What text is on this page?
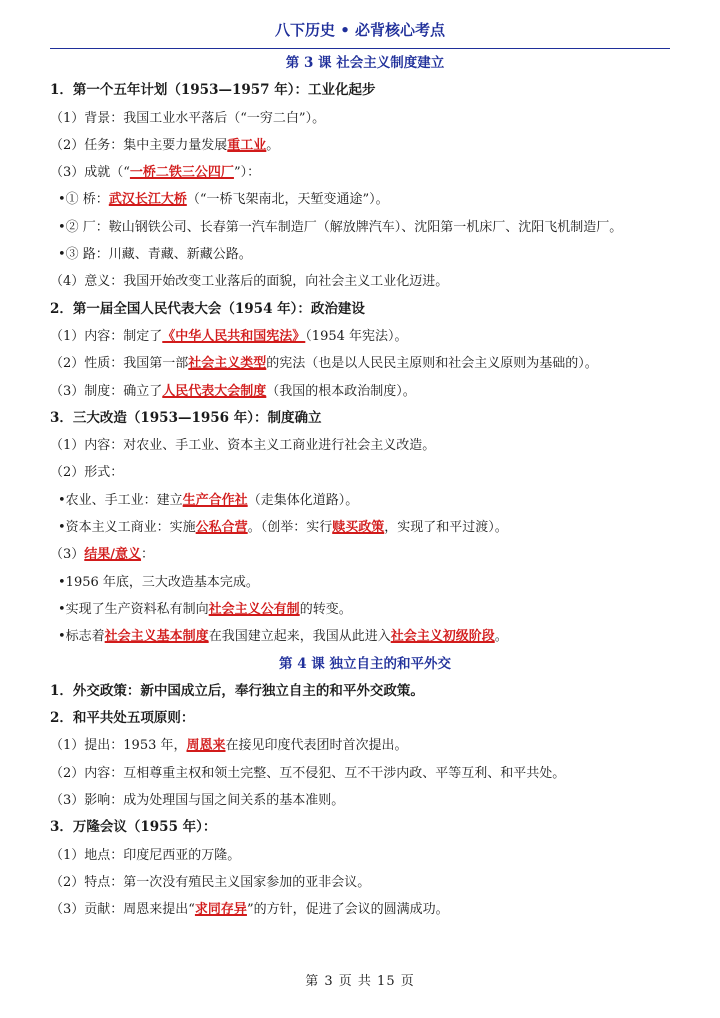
八下历史 • 必背核心考点
第 3 课 社会主义制度建立
1．第一个五年计划（1953—1957 年）：工业化起步
（1）背景：我国工业水平落后（“一穷二白”）。
（2）任务：集中主要力量发展重工业。
（3）成就（“一桥二铁三公四厂”）：
•① 桥：武汉长江大桥（“一桥飞架南北，天堑变通途”）。
•② 厂：鞍山钢铁公司、长春第一汽车制造厂（解放牌汽车）、沈阳第一机床厂、沈阳飞机制造厂。
•③ 路：川藏、青藏、新藏公路。
（4）意义：我国开始改变工业落后的面貌，向社会主义工业化迈进。
2．第一届全国人民代表大会（1954 年）：政治建设
（1）内容：制定了《中华人民共和国宪法》（1954 年宪法）。
（2）性质：我国第一部社会主义类型的宪法（也是以人民民主原则和社会主义原则为基础的）。
（3）制度：确立了人民代表大会制度（我国的根本政治制度）。
3．三大改造（1953—1956 年）：制度确立
（1）内容：对农业、手工业、资本主义工商业进行社会主义改造。
（2）形式：
•农业、手工业：建立生产合作社（走集体化道路）。
•资本主义工商业：实施公私合营。（创举：实行赎买政策，实现了和平过渡）。
（3）结果/意义：
•1956 年底，三大改造基本完成。
•实现了生产资料私有制向社会主义公有制的转变。
•标志着社会主义基本制度在我国建立起来，我国从此进入社会主义初级阶段。
第 4 课 独立自主的和平外交
1．外交政策：新中国成立后，奉行独立自主的和平外交政策。
2．和平共处五项原则：
（1）提出：1953 年，周恩来在接见印度代表团时首次提出。
（2）内容：互相尊重主权和领土完整、互不侵犯、互不干涉内政、平等互利、和平共处。
（3）影响：成为处理国与国之间关系的基本准则。
3．万隆会议（1955 年）：
（1）地点：印度尼西亚的万隆。
（2）特点：第一次没有殖民主义国家参加的亚非会议。
（3）贡献：周恩来提出“求同存异”的方针，促进了会议的圆满成功。
第 3 页 共 15 页
